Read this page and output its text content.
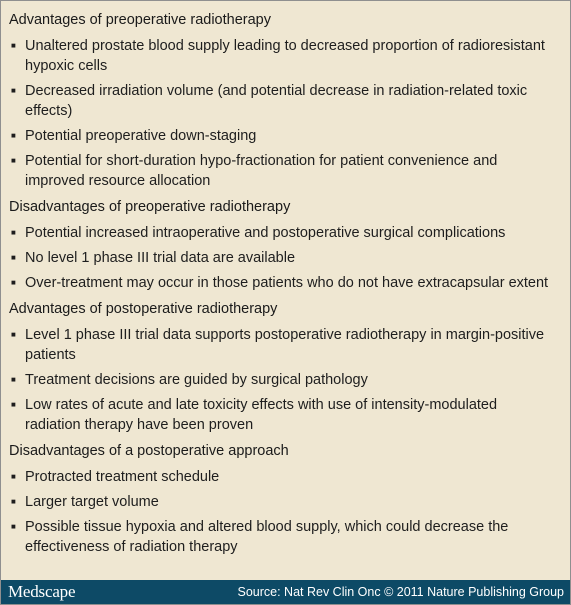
Advantages of preoperative radiotherapy
■ Unaltered prostate blood supply leading to decreased proportion of radioresistant hypoxic cells
■ Decreased irradiation volume (and potential decrease in radiation-related toxic effects)
■ Potential preoperative down-staging
■ Potential for short-duration hypo-fractionation for patient convenience and improved resource allocation
Disadvantages of preoperative radiotherapy
■ Potential increased intraoperative and postoperative surgical complications
■ No level 1 phase III trial data are available
■ Over-treatment may occur in those patients who do not have extracapsular extent
Advantages of postoperative radiotherapy
■ Level 1 phase III trial data supports postoperative radiotherapy in margin-positive patients
■ Treatment decisions are guided by surgical pathology
■ Low rates of acute and late toxicity effects with use of intensity-modulated radiation therapy have been proven
Disadvantages of a postoperative approach
■ Protracted treatment schedule
■ Larger target volume
■ Possible tissue hypoxia and altered blood supply, which could decrease the effectiveness of radiation therapy
Medscape	Source: Nat Rev Clin Onc © 2011 Nature Publishing Group
